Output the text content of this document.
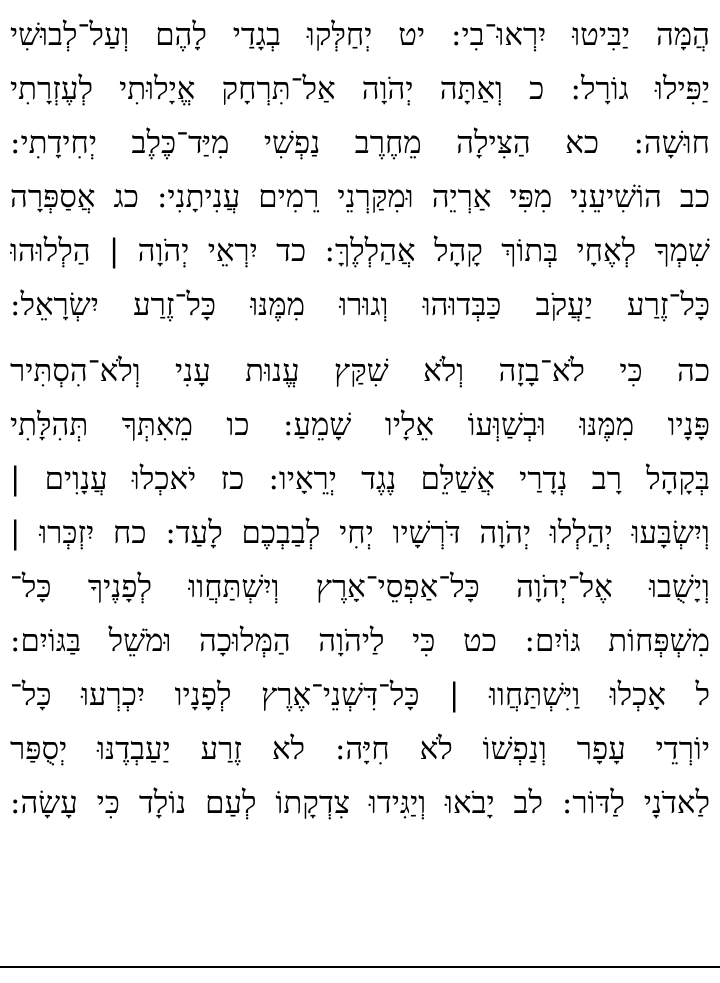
הֲמָּה יַבִּיטוּ יִרְאוּ־בִי: יט יְחַלְּקוּ בְגָדַי לָהֶם וְעַל־לְבוּשִׁי
יַפִּילוּ גוֹרָל: כ וְאַתָּה יְהֹוָה אַל־תִּרְחָק אֱיָלוּתִי לְעֶזְרָתִי
חוּשָׁה: כא הַצִּילָה מֵחֶרֶב נַפְשִׁי מִיַּד־כֶּלֶב יְחִידָתִי:
כב הוֹשִׁיעֵנִי מִפִּי אַרְיֵה וּמִקַּרְנֵי רֵמִים עֲנִיתָנִי: כג אֲסַפְּרָה
שִׁמְךָ לְאֶחָי בְּתוֹךְ קָהָל אֲהַלְלֶךָּ: כד יִרְאֵי יְהֹוָה | הַלְלוּהוּ
כָּל־זֶרַע יַעֲקֹב כַּבְּדוּהוּ וְגוּרוּ מִמֶּנּוּ כָּל־זֶרַע יִשְׂרָאֵל:
כה כִּי לֹא־בָזָה וְלֹא שִׁקַּץ עֱנוּת עָנִי וְלֹא־הִסְתִּיר
פָּנָיו מִמֶּנּוּ וּבְשַׁוְּעוֹ אֵלָיו שָׁמֵעַ: כו מֵאִתְּךָ תְּהִלָּתִי
בְּקָהָל רָב נְדָרַי אֲשַׁלֵּם נֶגֶד יְרֵאָיו: כז יֹאכְלוּ עֲנָוִים |
וְיִשְׂבָּעוּ יְהַלְלוּ יְהֹוָה דֹּרְשָׁיו יְחִי לְבַבְכֶם לָעַד: כח יִזְכְּרוּ |
וְיָשֻׁבוּ אֶל־יְהֹוָה כָּל־אַפְסֵי־אָרֶץ וְיִשְׁתַּחֲווּ לְפָנֶיךָ כָּל־
מִשְׁפְּחוֹת גּוֹיִם: כט כִּי לַיהֹוָה הַמְּלוּכָה וּמֹשֵׁל בַּגּוֹיִם:
ל אָכְלוּ וַיִּשְׁתַּחֲווּ | כָּל־דִּשְׁנֵי־אֶרֶץ לְפָנָיו יִכְרְעוּ כָּל־
יוֹרְדֵי עָפָר וְנַפְשׁוֹ לֹא חִיָּה: לא זֶרַע יַעַבְדֶנּוּ יְסֻפַּר
לַאדֹנָי לַדּוֹר: לב יָבֹאוּ וְיַגִּידוּ צִדְקָתוֹ לְעַם נוֹלָד כִּי עָשָׂה:
